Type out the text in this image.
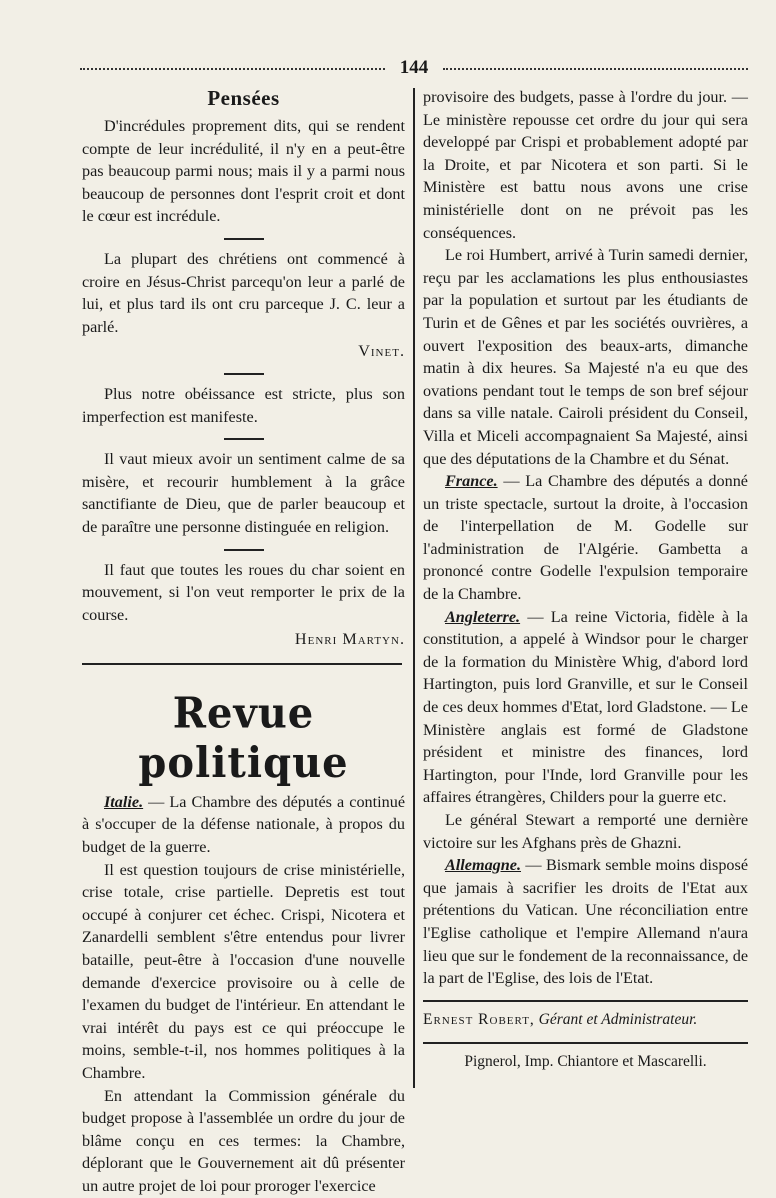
144
Pensées

D'incrédules proprement dits, qui se rendent compte de leur incrédulité, il n'y en a peut-être pas beaucoup parmi nous; mais il y a parmi nous beaucoup de personnes dont l'esprit croit et dont le cœur est incrédule.

La plupart des chrétiens ont commencé à croire en Jésus-Christ parcequ'on leur a parlé de lui, et plus tard ils ont cru parceque J. C. leur a parlé.

Vinet.

Plus notre obéissance est stricte, plus son imperfection est manifeste.

Il vaut mieux avoir un sentiment calme de sa misère, et recourir humblement à la grâce sanctifiante de Dieu, que de parler beaucoup et de paraître une personne distinguée en religion.

Il faut que toutes les roues du char soient en mouvement, si l'on veut remporter le prix de la course.

Henri Martyn.
Revue politique

Italie. — La Chambre des députés a continué à s'occuper de la défense nationale, à propos du budget de la guerre.

Il est question toujours de crise ministérielle, crise totale, crise partielle. Depretis est tout occupé à conjurer cet échec. Crispi, Nicotera et Zanardelli semblent s'être entendus pour livrer bataille, peut-être à l'occasion d'une nouvelle demande d'exercice provisoire ou à celle de l'examen du budget de l'intérieur. En attendant le vrai intérêt du pays est ce qui préoccupe le moins, semble-t-il, nos hommes politiques à la Chambre.

En attendant la Commission générale du budget propose à l'assemblée un ordre du jour de blâme conçu en ces termes: la Chambre, déplorant que le Gouvernement ait dû présenter un autre projet de loi pour proroger l'exercice

provisoire des budgets, passe à l'ordre du jour. — Le ministère repousse cet ordre du jour qui sera developpé par Crispi et probablement adopté par la Droite, et par Nicotera et son parti. Si le Ministère est battu nous avons une crise ministérielle dont on ne prévoit pas les conséquences.

Le roi Humbert, arrivé à Turin samedi dernier, reçu par les acclamations les plus enthousiastes par la population et surtout par les étudiants de Turin et de Gênes et par les sociétés ouvrières, a ouvert l'exposition des beaux-arts, dimanche matin à dix heures. Sa Majesté n'a eu que des ovations pendant tout le temps de son bref séjour dans sa ville natale. Cairoli président du Conseil, Villa et Miceli accompagnaient Sa Majesté, ainsi que des députations de la Chambre et du Sénat.

France. — La Chambre des députés a donné un triste spectacle, surtout la droite, à l'occasion de l'interpellation de M. Godelle sur l'administration de l'Algérie. Gambetta a prononcé contre Godelle l'expulsion temporaire de la Chambre.

Angleterre. — La reine Victoria, fidèle à la constitution, a appelé à Windsor pour le charger de la formation du Ministère Whig, d'abord lord Hartington, puis lord Granville, et sur le Conseil de ces deux hommes d'Etat, lord Gladstone. — Le Ministère anglais est formé de Gladstone président et ministre des finances, lord Hartington, pour l'Inde, lord Granville pour les affaires étrangères, Childers pour la guerre etc.

Le général Stewart a remporté une dernière victoire sur les Afghans près de Ghazni.

Allemagne. — Bismark semble moins disposé que jamais à sacrifier les droits de l'Etat aux prétentions du Vatican. Une réconciliation entre l'Eglise catholique et l'empire Allemand n'aura lieu que sur le fondement de la reconnaissance, de la part de l'Eglise, des lois de l'Etat.

Ernest Robert, Gérant et Administrateur.
Pignerol, Imp. Chiantore et Mascarelli.
